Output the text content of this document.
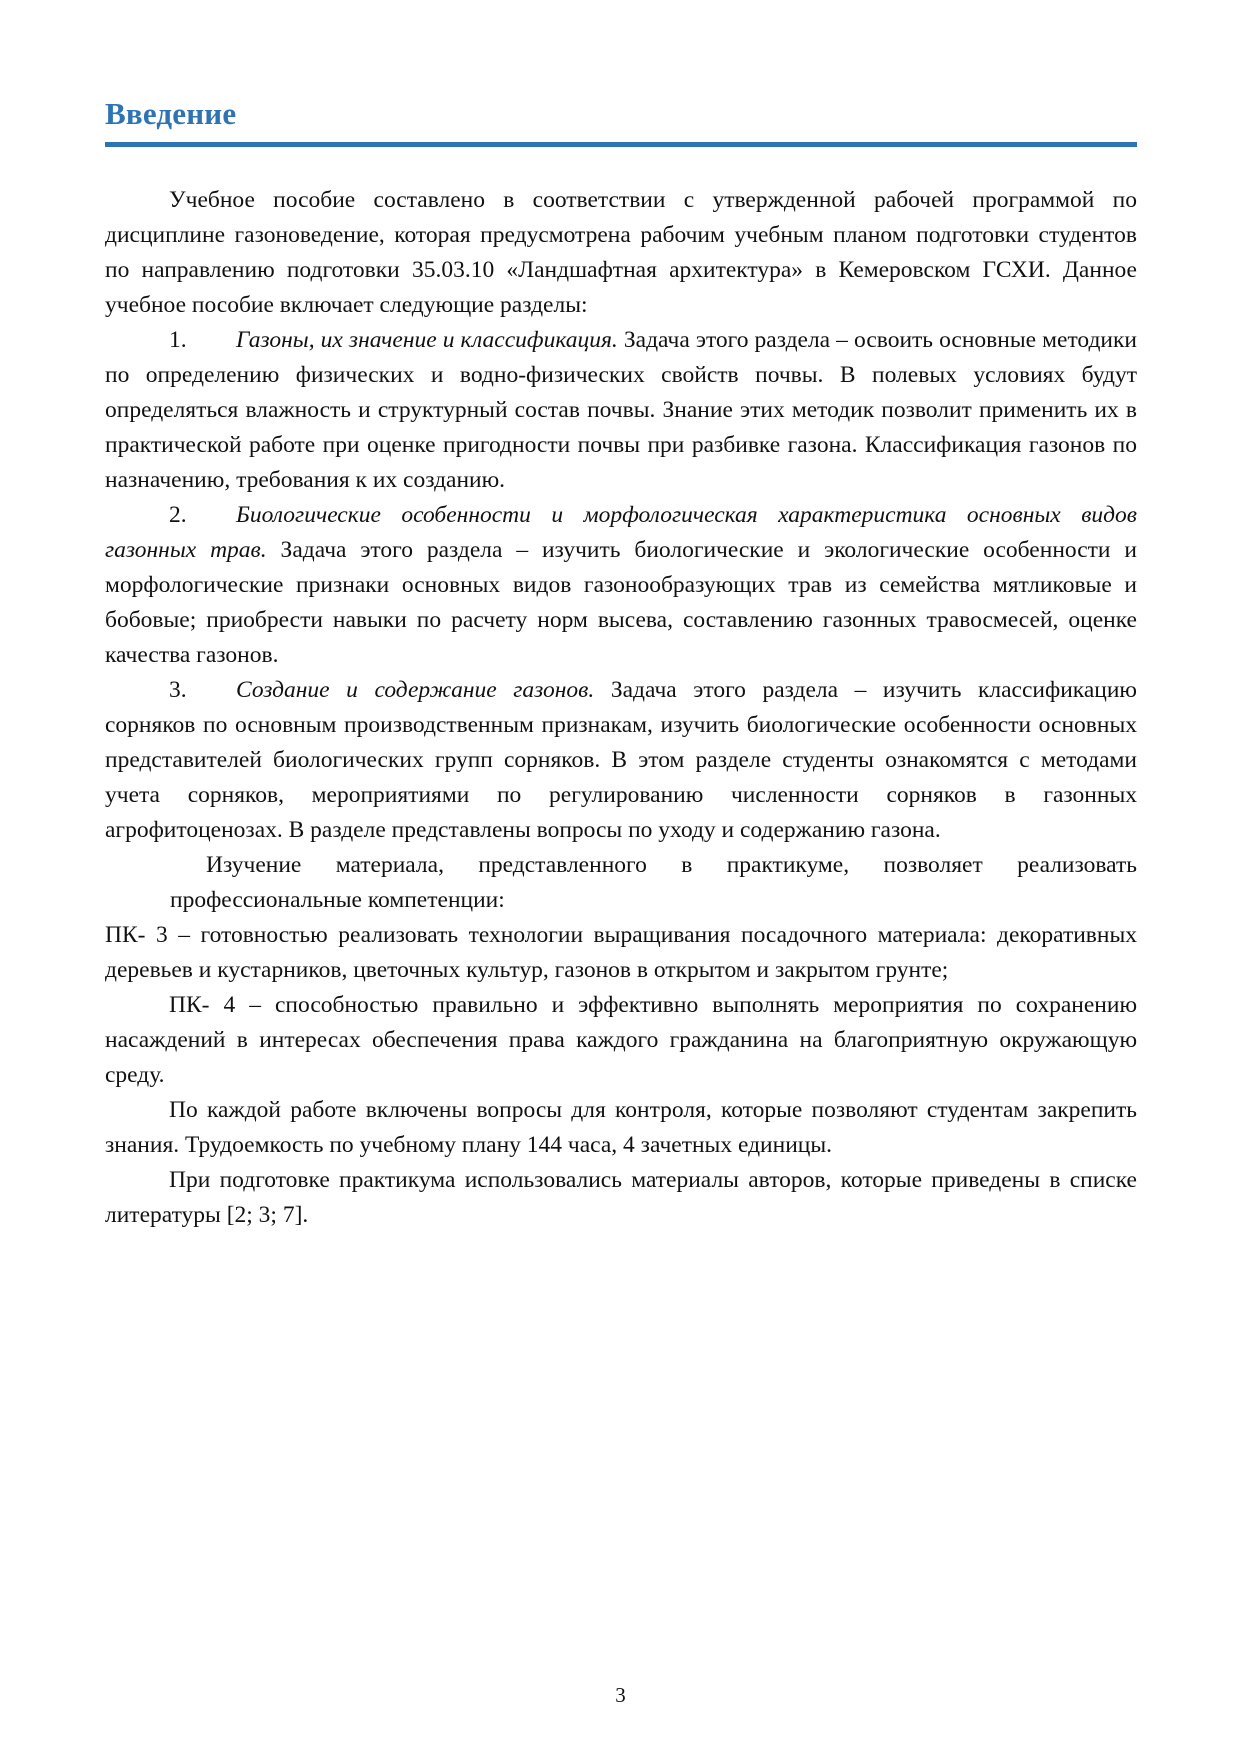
Введение

Учебное пособие составлено в соответствии с утвержденной рабочей программой по дисциплине газоноведение, которая предусмотрена рабочим учебным планом подготовки студентов по направлению подготовки 35.03.10 «Ландшафтная архитектура» в Кемеровском ГСХИ. Данное учебное пособие включает следующие разделы:

1. Газоны, их значение и классификация. Задача этого раздела – освоить основные методики по определению физических и водно-физических свойств почвы. В полевых условиях будут определяться влажность и структурный состав почвы. Знание этих методик позволит применить их в практической работе при оценке пригодности почвы при разбивке газона. Классификация газонов по назначению, требования к их созданию.

2. Биологические особенности и морфологическая характеристика основных видов газонных трав. Задача этого раздела – изучить биологические и экологические особенности и морфологические признаки основных видов газонообразующих трав из семейства мятликовые и бобовые; приобрести навыки по расчету норм высева, составлению газонных травосмесей, оценке качества газонов.

3. Создание и содержание газонов. Задача этого раздела – изучить классификацию сорняков по основным производственным признакам, изучить биологические особенности основных представителей биологических групп сорняков. В этом разделе студенты ознакомятся с методами учета сорняков, мероприятиями по регулированию численности сорняков в газонных агрофитоценозах. В разделе представлены вопросы по уходу и содержанию газона.

Изучение материала, представленного в практикуме, позволяет реализовать профессиональные компетенции:

ПК- 3 – готовностью реализовать технологии выращивания посадочного материала: декоративных деревьев и кустарников, цветочных культур, газонов в открытом и закрытом грунте;

ПК- 4 – способностью правильно и эффективно выполнять мероприятия по сохранению насаждений в интересах обеспечения права каждого гражданина на благоприятную окружающую среду.

По каждой работе включены вопросы для контроля, которые позволяют студентам закрепить знания. Трудоемкость по учебному плану 144 часа, 4 зачетных единицы.

При подготовке практикума использовались материалы авторов, которые приведены в списке литературы [2; 3; 7].

3
